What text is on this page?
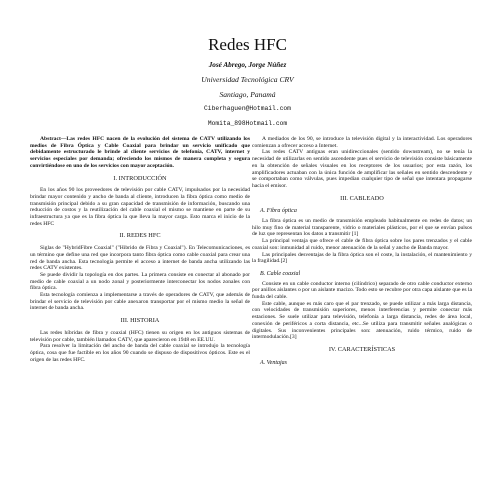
Redes HFC
José Abrego, Jorge Núñez
Universidad Tecnológica CRV
Santiago, Panamá
Ciberhaguen@Hotmail.com
Momita_898Hotmail.com

Abstract—Las redes HFC nacen de la evolución del sistema de CATV utilizando los medios de Fibra Óptica y Cable Coaxial para brindar un servicio unificado que debidamente estructurado le brinde al cliente servicios de telefonía, CATV, internet y servicios especiales por demanda; ofreciendo los mismos de manera completa y segura convirtiéndose en uno de los servicios con mayor aceptación.

I. INTRODUCCIÓN

En los años 90 los proveedores de televisión por cable CATV, impulsados por la necesidad brindar mayor contenido y ancho de banda al cliente, introducen la fibra óptica como medio de transmisión principal debido a su gran capacidad de transmisión de información, buscando una reducción de costos y la reutilización del cable coaxial el mismo se mantiene en parte de su infraestructura ya que es la fibra óptica la que lleva la mayor carga. Esto marca el inicio de la redes HFC

II. REDES HFC

Siglas de "HybridFibre Coaxial" ("Hibrido de Fibra y Coaxial"). En Telecomunicaciones, es un término que define una red que incorpora tanto fibra óptica como cable coaxial para crear una red de banda ancha. Esta tecnología permite el acceso a internet de banda ancha utilizando las redes CATV existentes.

Se puede dividir la topología en dos partes. La primera consiste en conectar al abonado por medio de cable coaxial a un nodo zonal y posteriormente interconectar los nodos zonales con fibra óptica.

Esta tecnología comienza a implementarse a través de operadores de CATV, que además de brindar el servicio de televisión por cable anexaron transportar por el mismo medio la señal de internet de banda ancha.

III. HISTORIA

Las redes híbridas de fibra y coaxial (HFC) tienen su origen en los antiguos sistemas de televisión por cable, también llamados CATV, que aparecieron en 1948 en EE.UU.

Para resolver la limitación del ancho de banda del cable coaxial se introdujo la tecnología óptica, cosa que fue factible en los años 90 cuando se dispuso de dispositivos ópticos. Este es el origen de las redes HFC.

A mediados de los 90, se introduce la televisión digital y la interactividad. Los operadores comienzan a ofrecer acceso a Internet.

Las redes CATV antiguas eran unidireccionales (sentido downstream), no se tenía la necesidad de utilizarlas en sentido ascendente pues el servicio de televisión consiste básicamente en la obtención de señales visuales en los receptores de los usuarios; por esta razón, los amplificadores actuaban con la única función de amplificar las señales en sentido descendente y se comportaban como válvulas, pues impedían cualquier tipo de señal que intentara propagarse hacia el emisor.

III. CABLEADO
A. Fibra óptica

La fibra óptica es un medio de transmisión empleado habitualmente en redes de datos; un hilo muy fino de material transparente, vidrio o materiales plásticos, por el que se envían pulsos de luz que representan los datos a transmitir [1]

La principal ventaja que ofrece el cable de fibra óptica sobre los pares trenzados y el cable coaxial son: inmunidad al ruido, menor atenuación de la señal y ancho de Banda mayor.

Las principales desventajas de la fibra óptica son el coste, la instalación, el mantenimiento y la fragilidad.[2]

B. Cable coaxial

Consiste en un cable conductor interno (cilíndrico) separado de otro cable conductor externo por anillos aislantes o por un aislante macizo. Todo esto se recubre por otra capa aislante que es la funda del cable.

Este cable, aunque es más caro que el par trenzado, se puede utilizar a más larga distancia, con velocidades de transmisión superiores, menos interferencias y permite conectar más estaciones. Se suele utilizar para televisión, telefonía a larga distancia, redes de área local, conexión de periféricos a corta distancia, etc...Se utiliza para transmitir señales analógicas o digitales. Sus inconvenientes principales son: atenuación, ruido térmico, ruido de intermodulación.[3]

IV. CARACTERÍSTICAS
A. Ventajas
